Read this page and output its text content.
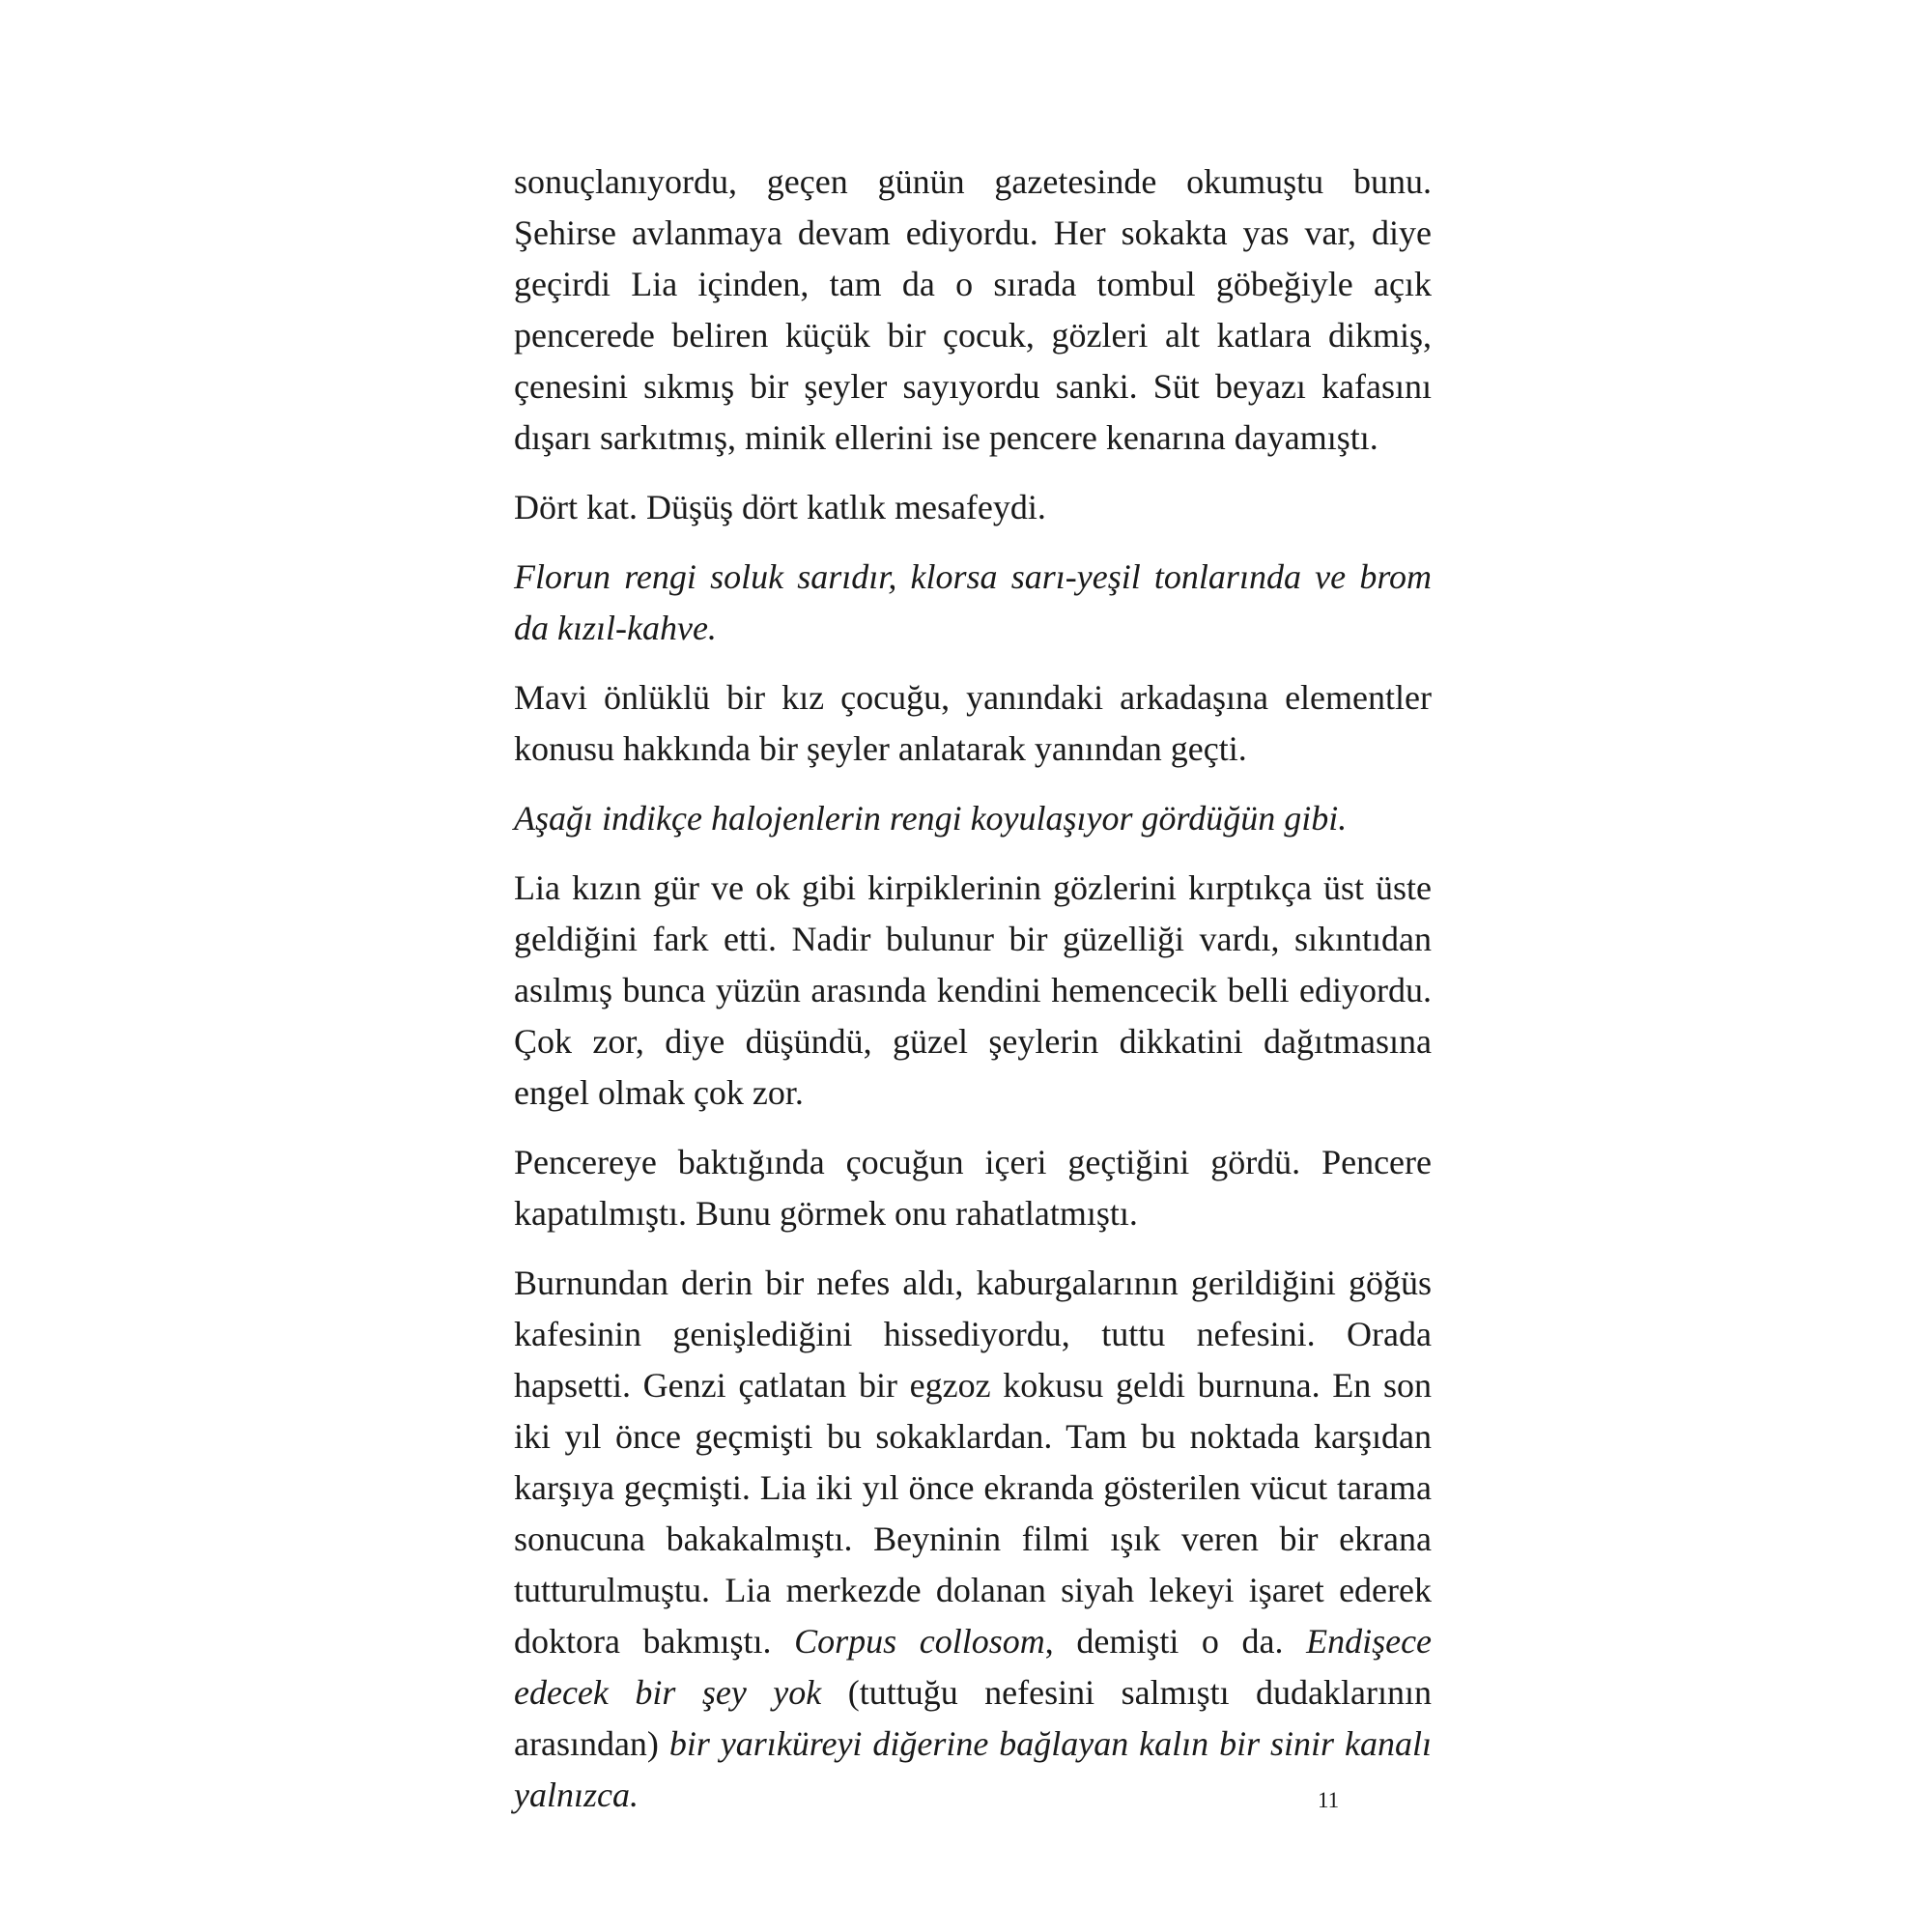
sonuçlanıyordu, geçen günün gazetesinde okumuştu bunu. Şehirse avlanmaya devam ediyordu. Her sokakta yas var, diye geçirdi Lia içinden, tam da o sırada tombul göbeğiyle açık pencerede beliren küçük bir çocuk, gözleri alt katlara dikmiş, çenesini sıkmış bir şeyler sayıyordu sanki. Süt beyazı kafasını dışarı sarkıtmış, minik ellerini ise pencere kenarına dayamıştı.

Dört kat. Düşüş dört katlık mesafeydi.

Florun rengi soluk sarıdır, klorsa sarı-yeşil tonlarında ve brom da kızıl-kahve.

Mavi önlüklü bir kız çocuğu, yanındaki arkadaşına elementler konusu hakkında bir şeyler anlatarak yanından geçti.

Aşağı indikçe halojenlerin rengi koyulaşıyor gördüğün gibi.

Lia kızın gür ve ok gibi kirpiklerinin gözlerini kırptıkça üst üste geldiğini fark etti. Nadir bulunur bir güzelliği vardı, sıkıntıdan asılmış bunca yüzün arasında kendini hemencecik belli ediyordu. Çok zor, diye düşündü, güzel şeylerin dikkatini dağıtmasına engel olmak çok zor.

Pencereye baktığında çocuğun içeri geçtiğini gördü. Pencere kapatılmıştı. Bunu görmek onu rahatlatmıştı.

Burnundan derin bir nefes aldı, kaburgalarının gerildiğini göğüs kafesinin genişlediğini hissediyordu, tuttu nefesini. Orada hapsetti. Genzi çatlatan bir egzoz kokusu geldi burnuna. En son iki yıl önce geçmişti bu sokaklardan. Tam bu noktada karşıdan karşıya geçmişti. Lia iki yıl önce ekranda gösterilen vücut tarama sonucuna bakakalmıştı. Beyninin filmi ışık veren bir ekrana tutturulmuştu. Lia merkezde dolanan siyah lekeyi işaret ederek doktora bakmıştı. Corpus collosom, demişti o da. Endişece edecek bir şey yok (tuttuğu nefesini salmıştı dudaklarının arasından) bir yarıküreyi diğerine bağlayan kalın bir sinir kanalı yalnızca.	11
